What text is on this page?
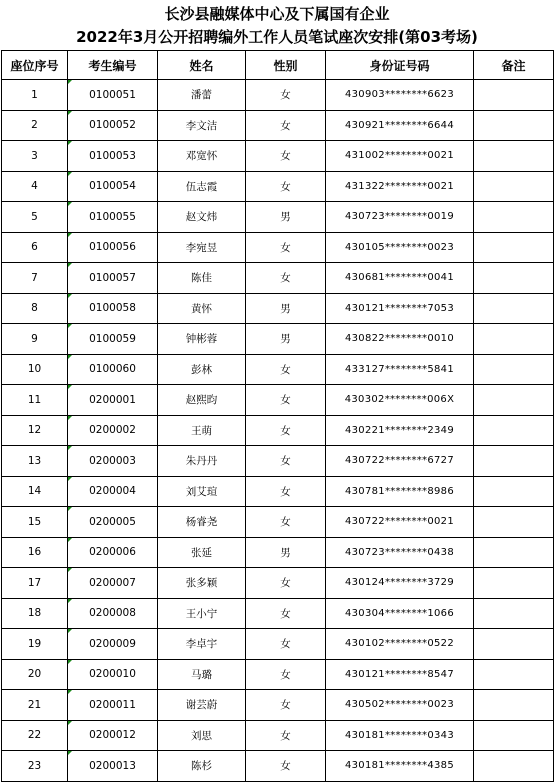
长沙县融媒体中心及下属国有企业
2022年3月公开招聘编外工作人员笔试座次安排(第03考场)
座位序号	考生编号	姓名	性别	身份证号码	备注
1	0100051	潘蕾	女	430903********6623	
2	0100052	李文洁	女	430921********6644	
3	0100053	邓宽怀	女	431002********0021	
4	0100054	伍志霞	女	431322********0021	
5	0100055	赵文炜	男	430723********0019	
6	0100056	李宛昱	女	430105********0023	
7	0100057	陈佳	女	430681********0041	
8	0100058	黄怀	男	430121********7053	
9	0100059	钟彬蓉	男	430822********0010	
10	0100060	彭林	女	433127********5841	
11	0200001	赵熙昀	女	430302********006X	
12	0200002	王萌	女	430221********2349	
13	0200003	朱丹丹	女	430722********6727	
14	0200004	刘艾瑄	女	430781********8986	
15	0200005	杨睿尧	女	430722********0021	
16	0200006	张延	男	430723********0438	
17	0200007	张多颖	女	430124********3729	
18	0200008	王小宁	女	430304********1066	
19	0200009	李卓宇	女	430102********0522	
20	0200010	马璐	女	430121********8547	
21	0200011	谢芸蔚	女	430502********0023	
22	0200012	刘思	女	430181********0343	
23	0200013	陈杉	女	430181********4385	
